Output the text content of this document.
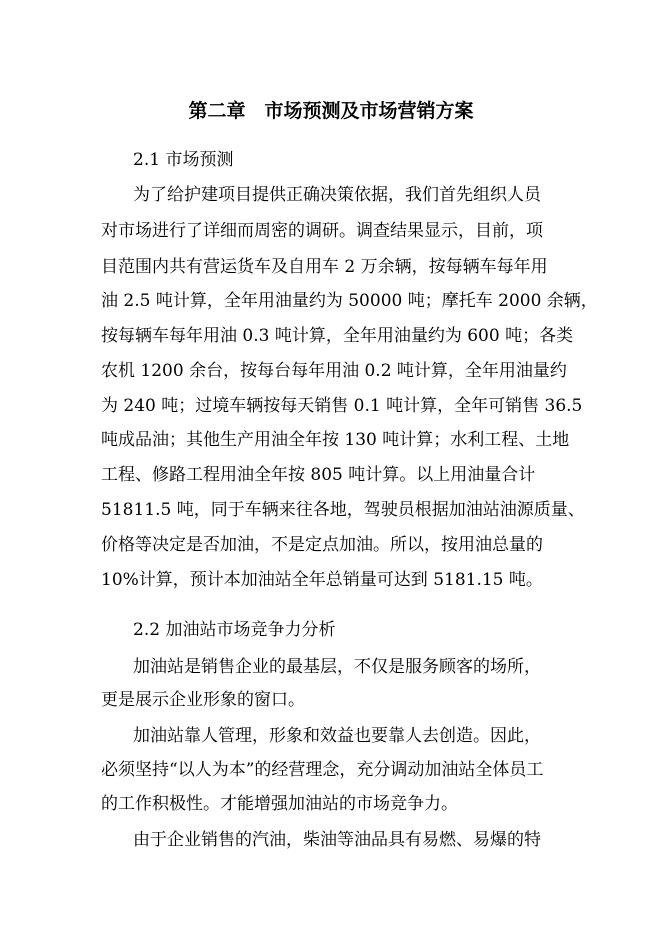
第二章　市场预测及市场营销方案
2.1 市场预测

为了给护建项目提供正确决策依据，我们首先组织人员

对市场进行了详细而周密的调研。调查结果显示，目前，项

目范围内共有营运货车及自用车 2 万余辆，按每辆车每年用

油 2.5 吨计算，全年用油量约为 50000 吨；摩托车 2000 余辆，

按每辆车每年用油 0.3 吨计算，全年用油量约为 600 吨；各类

农机 1200 余台，按每台每年用油 0.2 吨计算，全年用油量约

为 240 吨；过境车辆按每天销售 0.1 吨计算，全年可销售 36.5

吨成品油；其他生产用油全年按 130 吨计算；水利工程、土地

工程、修路工程用油全年按 805 吨计算。以上用油量合计

51811.5 吨，同于车辆来往各地，驾驶员根据加油站油源质量、

价格等决定是否加油，不是定点加油。所以，按用油总量的

10%计算，预计本加油站全年总销量可达到 5181.15 吨。

2.2 加油站市场竞争力分析

加油站是销售企业的最基层，不仅是服务顾客的场所，

更是展示企业形象的窗口。

加油站靠人管理，形象和效益也要靠人去创造。因此，

必须坚持“以人为本”的经营理念，充分调动加油站全体员工

的工作积极性。才能增强加油站的市场竞争力。

由于企业销售的汽油，柴油等油品具有易燃、易爆的特
